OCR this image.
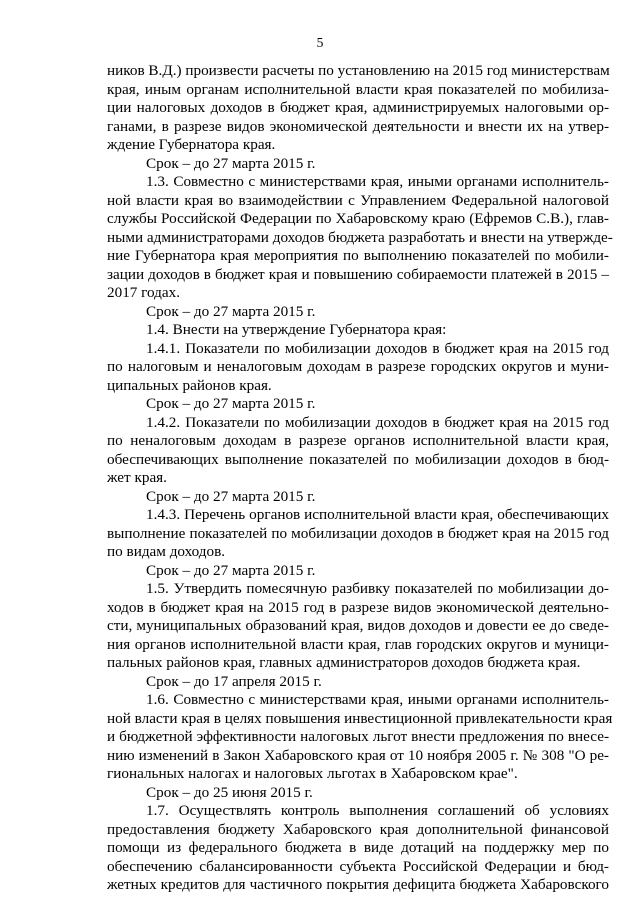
5
ников В.Д.) произвести расчеты по установлению на 2015 год министерствам
края, иным органам исполнительной власти края показателей по мобилиза-
ции налоговых доходов в бюджет края, администрируемых налоговыми ор-
ганами, в разрезе видов экономической деятельности и внести их на утвер-
ждение Губернатора края.
Срок – до 27 марта 2015 г.
1.3. Совместно с министерствами края, иными органами исполнитель-
ной власти края во взаимодействии с Управлением Федеральной налоговой
службы Российской Федерации по Хабаровскому краю (Ефремов С.В.), глав-
ными администраторами доходов бюджета разработать и внести на утвержде-
ние Губернатора края мероприятия по выполнению показателей по мобили-
зации доходов в бюджет края и повышению собираемости платежей в 2015 –
2017 годах.
Срок – до 27 марта 2015 г.
1.4. Внести на утверждение Губернатора края:
1.4.1. Показатели по мобилизации доходов в бюджет края на 2015 год
по налоговым и неналоговым доходам в разрезе городских округов и муни-
ципальных районов края.
Срок – до 27 марта 2015 г.
1.4.2. Показатели по мобилизации доходов в бюджет края на 2015 год
по неналоговым доходам в разрезе органов исполнительной власти края,
обеспечивающих выполнение показателей по мобилизации доходов в бюд-
жет края.
Срок – до 27 марта 2015 г.
1.4.3. Перечень органов исполнительной власти края, обеспечивающих
выполнение показателей по мобилизации доходов в бюджет края на 2015 год
по видам доходов.
Срок – до 27 марта 2015 г.
1.5. Утвердить помесячную разбивку показателей по мобилизации до-
ходов в бюджет края на 2015 год в разрезе видов экономической деятельно-
сти, муниципальных образований края, видов доходов и довести ее до сведе-
ния органов исполнительной власти края, глав городских округов и муници-
пальных районов края, главных администраторов доходов бюджета края.
Срок – до 17 апреля 2015 г.
1.6. Совместно с министерствами края, иными органами исполнитель-
ной власти края в целях повышения инвестиционной привлекательности края
и бюджетной эффективности налоговых льгот внести предложения по внесе-
нию изменений в Закон Хабаровского края от 10 ноября 2005 г. № 308 "О ре-
гиональных налогах и налоговых льготах в Хабаровском крае".
Срок – до 25 июня 2015 г.
1.7. Осуществлять контроль выполнения соглашений об условиях
предоставления бюджету Хабаровского края дополнительной финансовой
помощи из федерального бюджета в виде дотаций на поддержку мер по
обеспечению сбалансированности субъекта Российской Федерации и бюд-
жетных кредитов для частичного покрытия дефицита бюджета Хабаровского
